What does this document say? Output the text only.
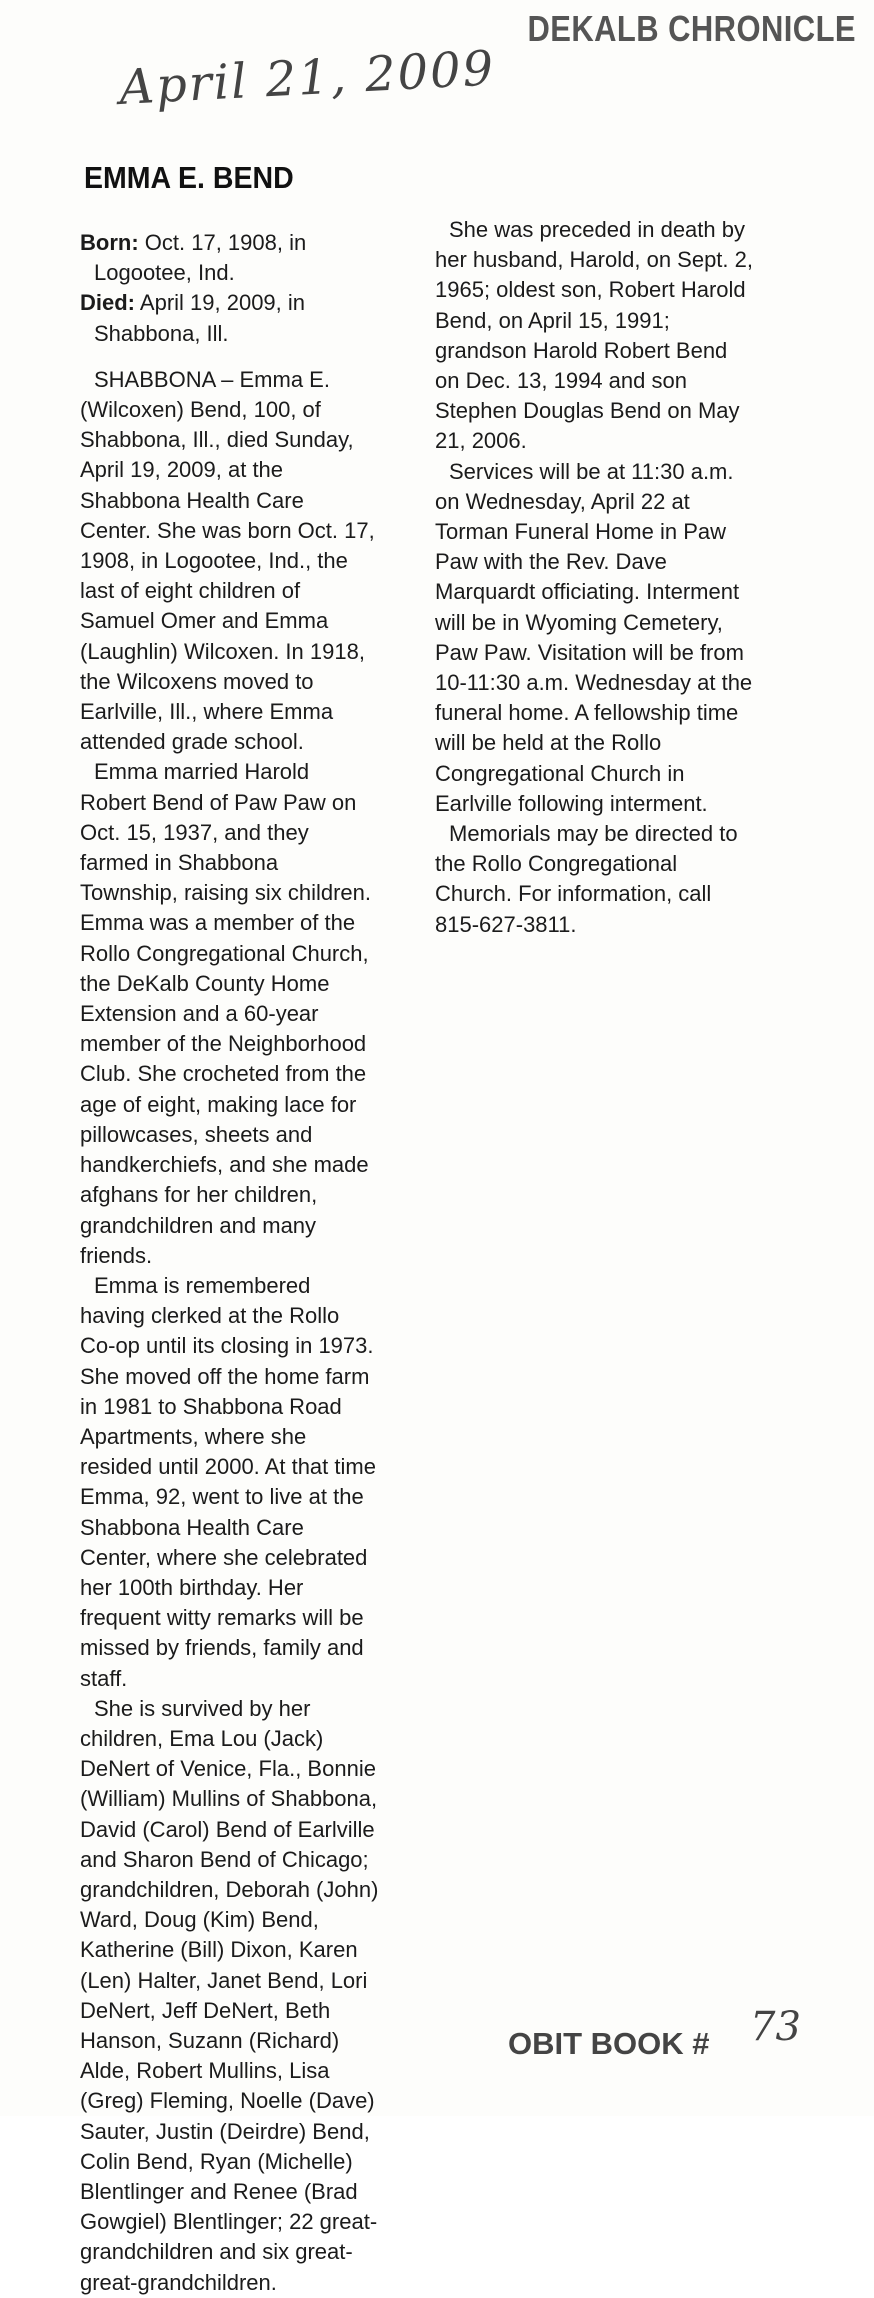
DEKALB CHRONICLE
April 21, 2009
EMMA E. BEND

Born: Oct. 17, 1908, in Logootee, Ind.

Died: April 19, 2009, in Shabbona, Ill.

SHABBONA – Emma E. (Wilcoxen) Bend, 100, of Shabbona, Ill., died Sunday, April 19, 2009, at the Shabbona Health Care Center. She was born Oct. 17, 1908, in Logootee, Ind., the last of eight children of Samuel Omer and Emma (Laughlin) Wilcoxen. In 1918, the Wilcoxens moved to Earlville, Ill., where Emma attended grade school.

Emma married Harold Robert Bend of Paw Paw on Oct. 15, 1937, and they farmed in Shabbona Township, raising six children. Emma was a member of the Rollo Congregational Church, the DeKalb County Home Extension and a 60-year member of the Neighborhood Club. She crocheted from the age of eight, making lace for pillowcases, sheets and handkerchiefs, and she made afghans for her children, grandchildren and many friends.

Emma is remembered having clerked at the Rollo Co-op until its closing in 1973. She moved off the home farm in 1981 to Shabbona Road Apartments, where she resided until 2000. At that time Emma, 92, went to live at the Shabbona Health Care Center, where she celebrated her 100th birthday. Her frequent witty remarks will be missed by friends, family and staff.

She is survived by her children, Ema Lou (Jack) DeNert of Venice, Fla., Bonnie (William) Mullins of Shabbona, David (Carol) Bend of Earlville and Sharon Bend of Chicago; grandchildren, Deborah (John) Ward, Doug (Kim) Bend, Katherine (Bill) Dixon, Karen (Len) Halter, Janet Bend, Lori DeNert, Jeff DeNert, Beth Hanson, Suzann (Richard) Alde, Robert Mullins, Lisa (Greg) Fleming, Noelle (Dave) Sauter, Justin (Deirdre) Bend, Colin Bend, Ryan (Michelle) Blentlinger and Renee (Brad Gowgiel) Blentlinger; 22 great-grandchildren and six great-great-grandchildren.

She was preceded in death by her husband, Harold, on Sept. 2, 1965; oldest son, Robert Harold Bend, on April 15, 1991; grandson Harold Robert Bend on Dec. 13, 1994 and son Stephen Douglas Bend on May 21, 2006.

Services will be at 11:30 a.m. on Wednesday, April 22 at Torman Funeral Home in Paw Paw with the Rev. Dave Marquardt officiating. Interment will be in Wyoming Cemetery, Paw Paw. Visitation will be from 10-11:30 a.m. Wednesday at the funeral home. A fellowship time will be held at the Rollo Congregational Church in Earlville following interment.

Memorials may be directed to the Rollo Congregational Church. For information, call 815-627-3811.

OBIT BOOK # 73
